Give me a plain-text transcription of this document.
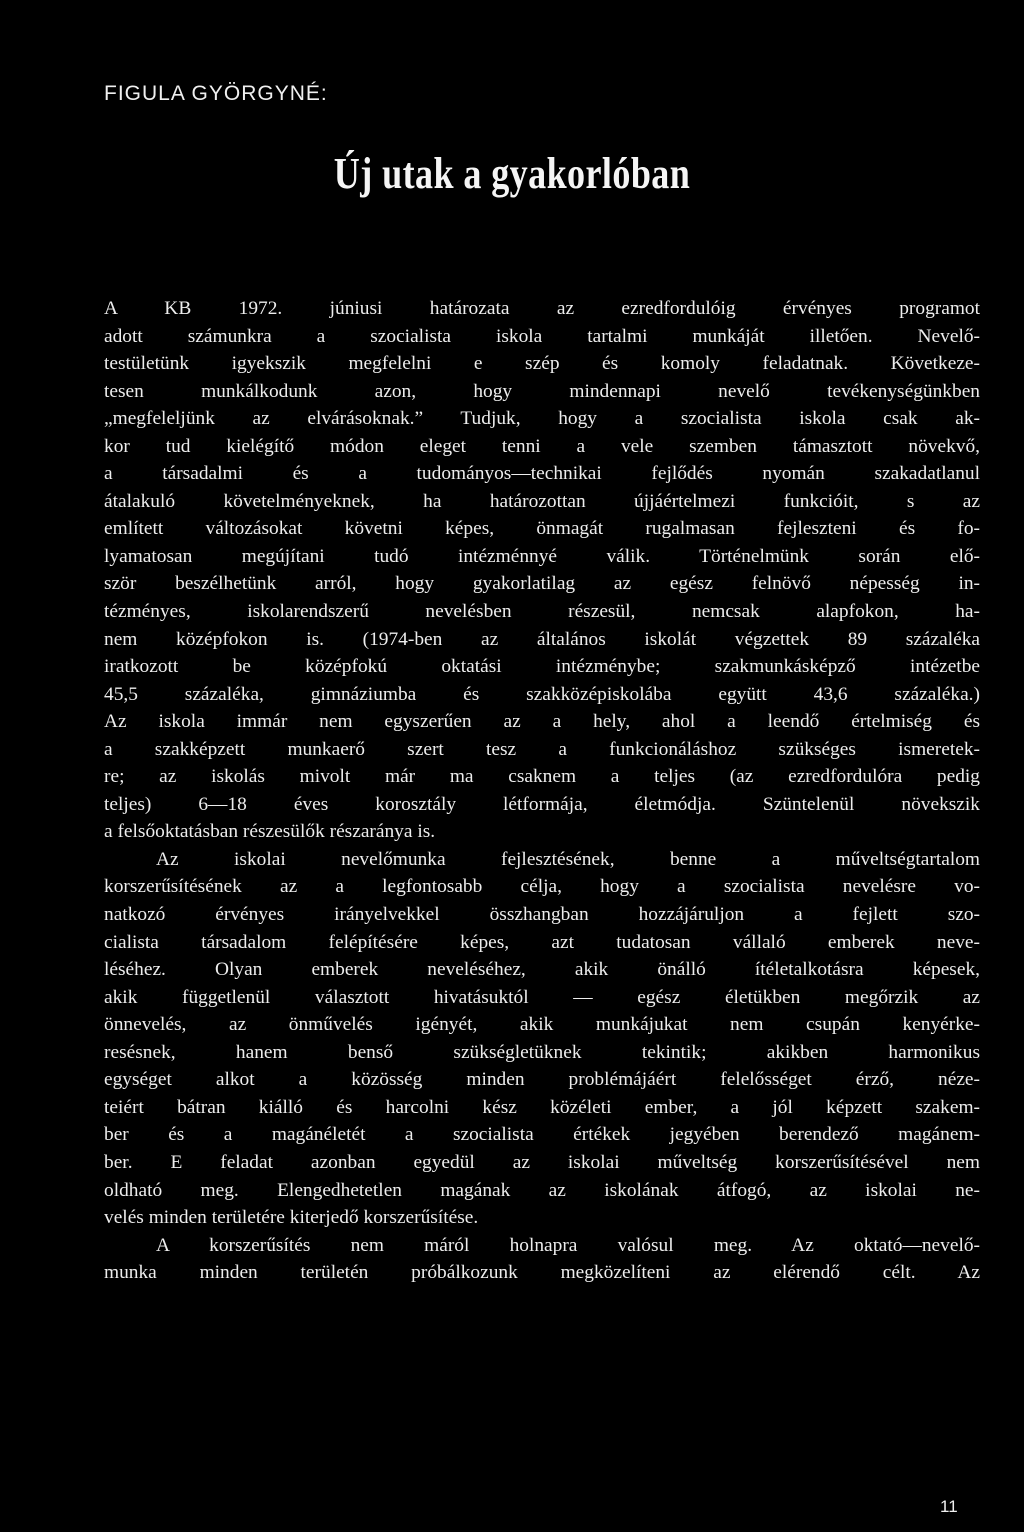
FIGULA GYÖRGYNÉ:
Új utak a gyakorlóban
A KB 1972. júniusi határozata az ezredfordulóig érvényes programot
adott számunkra a szocialista iskola tartalmi munkáját illetően. Nevelő-
testületünk igyekszik megfelelni e szép és komoly feladatnak. Következe-
tesen munkálkodunk azon, hogy mindennapi nevelő tevékenységünkben
„megfeleljünk az elvárásoknak.” Tudjuk, hogy a szocialista iskola csak ak-
kor tud kielégítő módon eleget tenni a vele szemben támasztott növekvő,
a társadalmi és a tudományos—technikai fejlődés nyomán szakadatlanul
átalakuló követelményeknek, ha határozottan újjáértelmezi funkcióit, s az
említett változásokat követni képes, önmagát rugalmasan fejleszteni és fo-
lyamatosan megújítani tudó intézménnyé válik. Történelmünk során elő-
ször beszélhetünk arról, hogy gyakorlatilag az egész felnövő népesség in-
tézményes, iskolarendszerű nevelésben részesül, nemcsak alapfokon, ha-
nem középfokon is. (1974-ben az általános iskolát végzettek 89 százaléka
iratkozott be középfokú oktatási intézménybe; szakmunkásképző intézetbe
45,5 százaléka, gimnáziumba és szakközépiskolába együtt 43,6 százaléka.)
Az iskola immár nem egyszerűen az a hely, ahol a leendő értelmiség és
a szakképzett munkaerő szert tesz a funkcionáláshoz szükséges ismeretek-
re; az iskolás mivolt már ma csaknem a teljes (az ezredfordulóra pedig
teljes) 6—18 éves korosztály létformája, életmódja. Szüntelenül növekszik
a felsőoktatásban részesülők részaránya is.
Az iskolai nevelőmunka fejlesztésének, benne a műveltségtartalom
korszerűsítésének az a legfontosabb célja, hogy a szocialista nevelésre vo-
natkozó érvényes irányelvekkel összhangban hozzájáruljon a fejlett szo-
cialista társadalom felépítésére képes, azt tudatosan vállaló emberek neve-
léséhez. Olyan emberek neveléséhez, akik önálló ítéletalkotásra képesek,
akik függetlenül választott hivatásuktól — egész életükben megőrzik az
önnevelés, az önművelés igényét, akik munkájukat nem csupán kenyérke-
resésnek, hanem benső szükségletüknek tekintik; akikben harmonikus
egységet alkot a közösség minden problémájáért felelősséget érző, néze-
teiért bátran kiálló és harcolni kész közéleti ember, a jól képzett szakem-
ber és a magánéletét a szocialista értékek jegyében berendező magánem-
ber. E feladat azonban egyedül az iskolai műveltség korszerűsítésével nem
oldható meg. Elengedhetetlen magának az iskolának átfogó, az iskolai ne-
velés minden területére kiterjedő korszerűsítése.
A korszerűsítés nem máról holnapra valósul meg. Az oktató—nevelő-
munka minden területén próbálkozunk megközelíteni az elérendő célt. Az
11
